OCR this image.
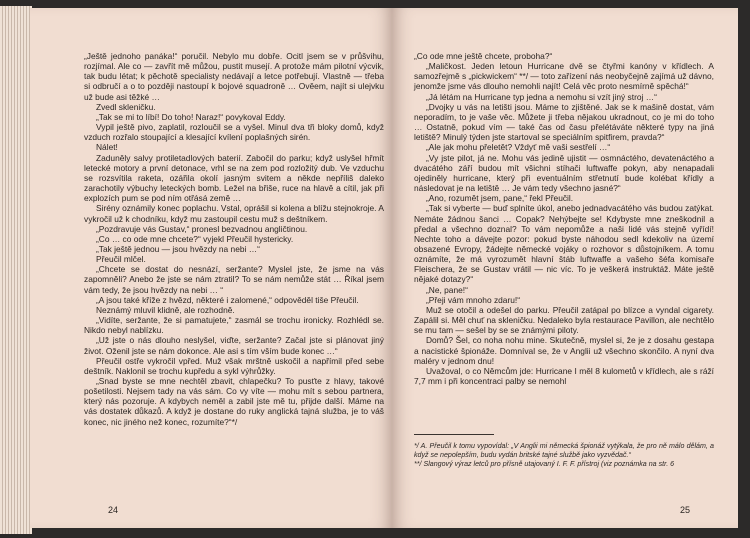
„Ještě jednoho panáka!“ poručil. Nebylo mu dobře. Ocitl jsem se v průšvihu, rozjímal. Ale co — zavřít mě můžou, pustit musejí. A protože mám pilotní výcvik, tak budu létat; k pěchotě specialisty nedávají a letce potřebují. Vlastně — třeba si odbručí a o to později nastoupí k bojové squadroně … Ověem, najít si ulejvku už bude asi těžké …

Zvedl skleničku.

„Tak se mi to líbí! Do toho! Naraz!“ povykoval Eddy.

Vypil ještě pivo, zaplatil, rozloučil se a vyšel. Minul dva tři bloky domů, když vzduch rozřalo stoupající a klesající kvílení poplašných sirén.

Nálet!

Zaduněly salvy protiletadlových baterií. Zabočil do parku; když uslyšel hřmít letecké motory a první detonace, vrhl se na zem pod rozložitý dub. Ve vzduchu se rozsvítila raketa, ozářila okolí jasným svitem a někde nepříliš daleko zarachotily výbuchy leteckých bomb. Ležel na břiše, ruce na hlavě a cítil, jak při explozích pum se pod ním otřásá země …

Sirény oznámily konec poplachu. Vstal, oprášil si kolena a blížu stejnokroje. A vykročil už k chodníku, když mu zastoupil cestu muž s deštníkem.

„Pozdravuje vás Gustav,“ pronesl bezvadnou angličtinou.

„Co … co ode mne chcete?“ vyjekl Přeučil hystericky.

„Tak ještě jednou — jsou hvězdy na nebi …“

Přeučil mlčel.

„Chcete se dostat do nesnází, seržante? Myslel jste, že jsme na vás zapomněli? Anebo že jste se nám ztratil? To se nám nemůže stát … Říkal jsem vám tedy, že jsou hvězdy na nebi … “

„A jsou také kříže z hvězd, některé i zalomené,“ odpověděl tiše Přeučil.

Neznámý mluvil klidně, ale rozhodně.

„Vidíte, seržante, že si pamatujete,“ zasmál se trochu ironicky. Rozhlédl se. Nikdo nebyl nablízku.

„Už jste o nás dlouho neslyšel, viďte, seržante? Začal jste si plánovat jiný život. Oženil jste se nám dokonce. Ale asi s tím vším bude konec …“

Přeučil ostře vykročil vpřed. Muž však mrštně uskočil a napřímil před sebe deštník. Naklonil se trochu kupředu a sykl výhrůžky.

„Snad byste se mne nechtěl zbavit, chlapečku? To pusťte z hlavy, takové pošetilosti. Nejsem tady na vás sám. Co vy víte — mohu mít s sebou partnera, který nás pozoruje. A kdybych neměl a zabil jste mě tu, přijde další. Máme na vás dostatek důkazů. A když je dostane do ruky anglická tajná služba, je to váš konec, nic jiného než konec, rozumíte?“*/

24

„Co ode mne ještě chcete, proboha?“

„Maličkost. Jeden letoun Hurricane dvě se čtyřmi kanóny v křídlech. A samozřejmě s „pickwickem“ **/ — toto zařízení nás neobyčejně zajímá už dávno, jenomže jsme vás dlouho nemohli najít! Celá věc proto nesmírně spěchá!“

„Já létám na Hurricane typ jedna a nemohu si vzít jiný stroj …“

„Dvojky u vás na letišti jsou. Máme to zjištěné. Jak se k mašině dostat, vám neporadím, to je vaše věc. Můžete ji třeba nějakou ukradnout, co je mi do toho … Ostatně, pokud vím — také čas od času přelétáváte některé typy na jiná letiště? Minulý týden jste startoval se speciálním spitfirem, pravda?“

„Ale jak mohu přeletět? Vždyť mě vaši sestřelí …“

„Vy jste pilot, já ne. Mohu vás jedině ujistit — osmnáctého, devatenáctého a dvacátého září budou mít všichni stíhači luftwaffe pokyn, aby nenapadali ojediněly hurricane, který při eventuálním střetnutí bude kolébat křídly a následovat je na letiště … Je vám tedy všechno jasné?“

„Ano, rozumět jsem, pane,“ řekl Přeučil.

„Tak si vyberte — buď splníte úkol, anebo jednadvacátého vás budou zatýkat. Nemáte žádnou šanci … Copak? Nehýbejte se! Kdybyste mne zneškodnil a předal a všechno doznal? To vám nepomůže a naši lidé vás stejně vyřídí! Nechte toho a dávejte pozor: pokud byste náhodou sedl kdekoliv na území obsazené Evropy, žádejte německé vojáky o rozhovor s důstojníkem. A tomu oznámíte, že má vyrozumět hlavní štáb luftwaffe a vašeho šéfa komisaře Fleischera, že se Gustav vrátil — nic víc. To je veškerá instruktáž. Máte ještě nějaké dotazy?“

„Ne, pane!“

„Přeji vám mnoho zdaru!“

Muž se otočil a odešel do parku. Přeučil zatápal po blízce a vyndal cigarety. Zapálil si. Měl chuť na skleničku. Nedaleko byla restaurace Pavillon, ale nechtělo se mu tam — sešel by se se známými piloty.

Domů? Šel, co noha nohu mine. Skutečně, myslel si, že je z dosahu gestapa a nacistické špionáže. Domníval se, že v Anglii už všechno skončilo. A nyní dva maléry v jednom dnu!

Uvažoval, o co Němcům jde: Hurricane I měl 8 kulometů v křídlech, ale s ráží 7,7 mm i při koncentraci palby se nemohl

*/ A. Přeučil k tomu vypovídal: „V Anglii mi německá špionáž vytýkala, že pro ně málo dělám, a když se nepolepším, budu vydán britské tajné službě jako vyzvědač.“

**/ Slangový výraz letců pro přísně utajovaný I. F. F. přístroj (viz poznámka na str. 6

25
